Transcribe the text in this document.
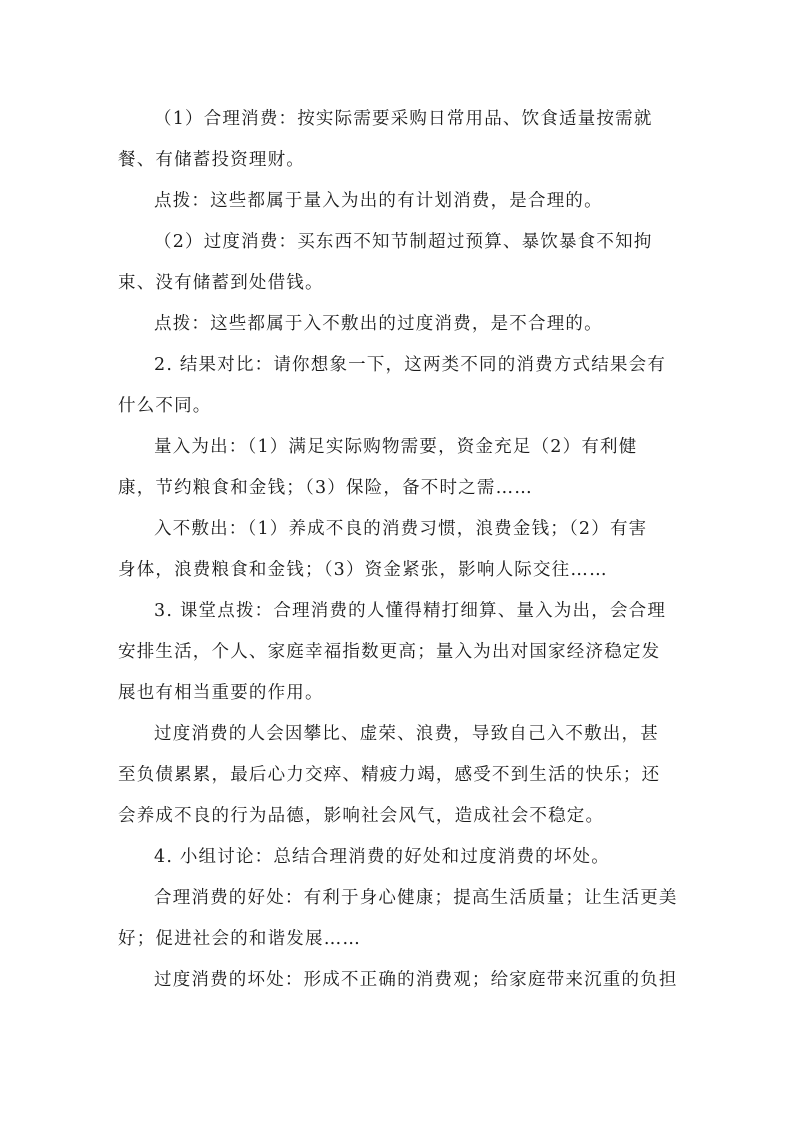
（1）合理消费：按实际需要采购日常用品、饮食适量按需就
餐、有储蓄投资理财。
点拨：这些都属于量入为出的有计划消费，是合理的。
（2）过度消费：买东西不知节制超过预算、暴饮暴食不知拘
束、没有储蓄到处借钱。
点拨：这些都属于入不敷出的过度消费，是不合理的。
2. 结果对比：请你想象一下，这两类不同的消费方式结果会有
什么不同。
量入为出：（1）满足实际购物需要，资金充足（2）有利健
康，节约粮食和金钱；（3）保险，备不时之需……
入不敷出：（1）养成不良的消费习惯，浪费金钱；（2）有害
身体，浪费粮食和金钱；（3）资金紧张，影响人际交往……
3. 课堂点拨：合理消费的人懂得精打细算、量入为出，会合理
安排生活，个人、家庭幸福指数更高；量入为出对国家经济稳定发
展也有相当重要的作用。
过度消费的人会因攀比、虚荣、浪费，导致自己入不敷出，甚
至负债累累，最后心力交瘁、精疲力竭，感受不到生活的快乐；还
会养成不良的行为品德，影响社会风气，造成社会不稳定。
4. 小组讨论：总结合理消费的好处和过度消费的坏处。
合理消费的好处：有利于身心健康；提高生活质量；让生活更美
好；促进社会的和谐发展……
过度消费的坏处：形成不正确的消费观；给家庭带来沉重的负担
